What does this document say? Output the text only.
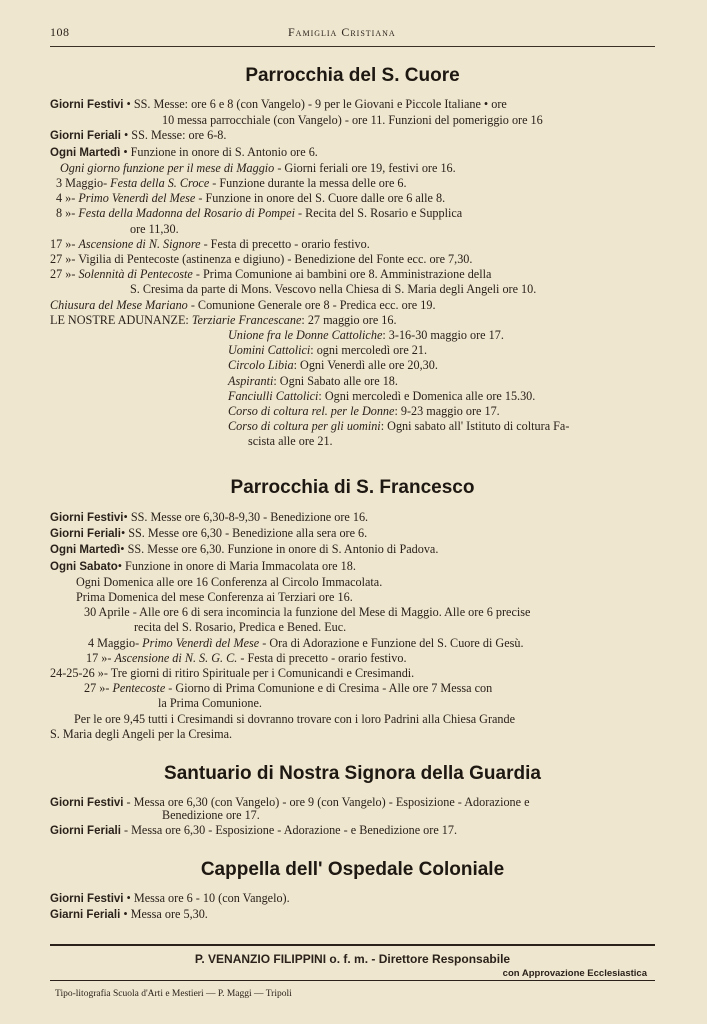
108	Famiglia Cristiana
Parrocchia del S. Cuore
Giorni Festivi • SS. Messe: ore 6 e 8 (con Vangelo) - 9 per le Giovani e Piccole Italiane • ore
10 messa parrocchiale (con Vangelo) - ore 11. Funzioni del pomeriggio ore 16
Giorni Feriali • SS. Messe: ore 6-8.
Ogni Martedì • Funzione in onore di S. Antonio ore 6.
Ogni giorno funzione per il mese di Maggio - Giorni feriali ore 19, festivi ore 16.
3 Maggio- Festa della S. Croce - Funzione durante la messa delle ore 6.
4 »- Primo Venerdì del Mese - Funzione in onore del S. Cuore dalle ore 6 alle 8.
8 »- Festa della Madonna del Rosario di Pompei - Recita del S. Rosario e Supplica
ore 11,30.
17 »- Ascensione di N. Signore - Festa di precetto - orario festivo.
27 »- Vigilia di Pentecoste (astinenza e digiuno) - Benedizione del Fonte ecc. ore 7,30.
27 »- Solennità di Pentecoste - Prima Comunione ai bambini ore 8. Amministrazione della
S. Cresima da parte di Mons. Vescovo nella Chiesa di S. Maria degli Angeli ore 10.
Chiusura del Mese Mariano - Comunione Generale ore 8 - Predica ecc. ore 19.
LE NOSTRE ADUNANZE: Terziarie Francescane: 27 maggio ore 16.
Unione fra le Donne Cattoliche: 3-16-30 maggio ore 17.
Uomini Cattolici: ogni mercoledì ore 21.
Circolo Libia: Ogni Venerdì alle ore 20,30.
Aspiranti: Ogni Sabato alle ore 18.
Fanciulli Cattolici: Ogni mercoledì e Domenica alle ore 15.30.
Corso di coltura rel. per le Donne: 9-23 maggio ore 17.
Corso di coltura per gli uomini: Ogni sabato all' Istituto di coltura Fa-
scista alle ore 21.
Parrocchia di S. Francesco
Giorni Festivi• SS. Messe ore 6,30-8-9,30 - Benedizione ore 16.
Giorni Feriali• SS. Messe ore 6,30 - Benedizione alla sera ore 6.
Ogni Martedì• SS. Messe ore 6,30. Funzione in onore di S. Antonio di Padova.
Ogni Sabato• Funzione in onore di Maria Immacolata ore 18.
Ogni Domenica alle ore 16 Conferenza al Circolo Immacolata.
Prima Domenica del mese Conferenza ai Terziari ore 16.
30 Aprile - Alle ore 6 di sera incomincia la funzione del Mese di Maggio. Alle ore 6 precise
recita del S. Rosario, Predica e Bened. Euc.
4 Maggio- Primo Venerdì del Mese - Ora di Adorazione e Funzione del S. Cuore di Gesù.
17 »- Ascensione di N. S. G. C. - Festa di precetto - orario festivo.
24-25-26 »- Tre giorni di ritiro Spirituale per i Comunicandi e Cresimandi.
27 »- Pentecoste - Giorno di Prima Comunione e di Cresima - Alle ore 7 Messa con
la Prima Comunione.
Per le ore 9,45 tutti i Cresimandi si dovranno trovare con i loro Padrini alla Chiesa Grande
S. Maria degli Angeli per la Cresima.
Santuario di Nostra Signora della Guardia
Giorni Festivi - Messa ore 6,30 (con Vangelo) - ore 9 (con Vangelo) - Esposizione - Adorazione e
Benedizione ore 17.
Giorni Feriali - Messa ore 6,30 - Esposizione - Adorazione - e Benedizione ore 17.
Cappella dell' Ospedale Coloniale
Giorni Festivi • Messa ore 6 - 10 (con Vangelo).
Giarni Feriali • Messa ore 5,30.
P. VENANZIO FILIPPINI o. f. m. - Direttore Responsabile
con Approvazione Ecclesiastica
Tipo-litografia Scuola d'Arti e Mestieri — P. Maggi — Tripoli
